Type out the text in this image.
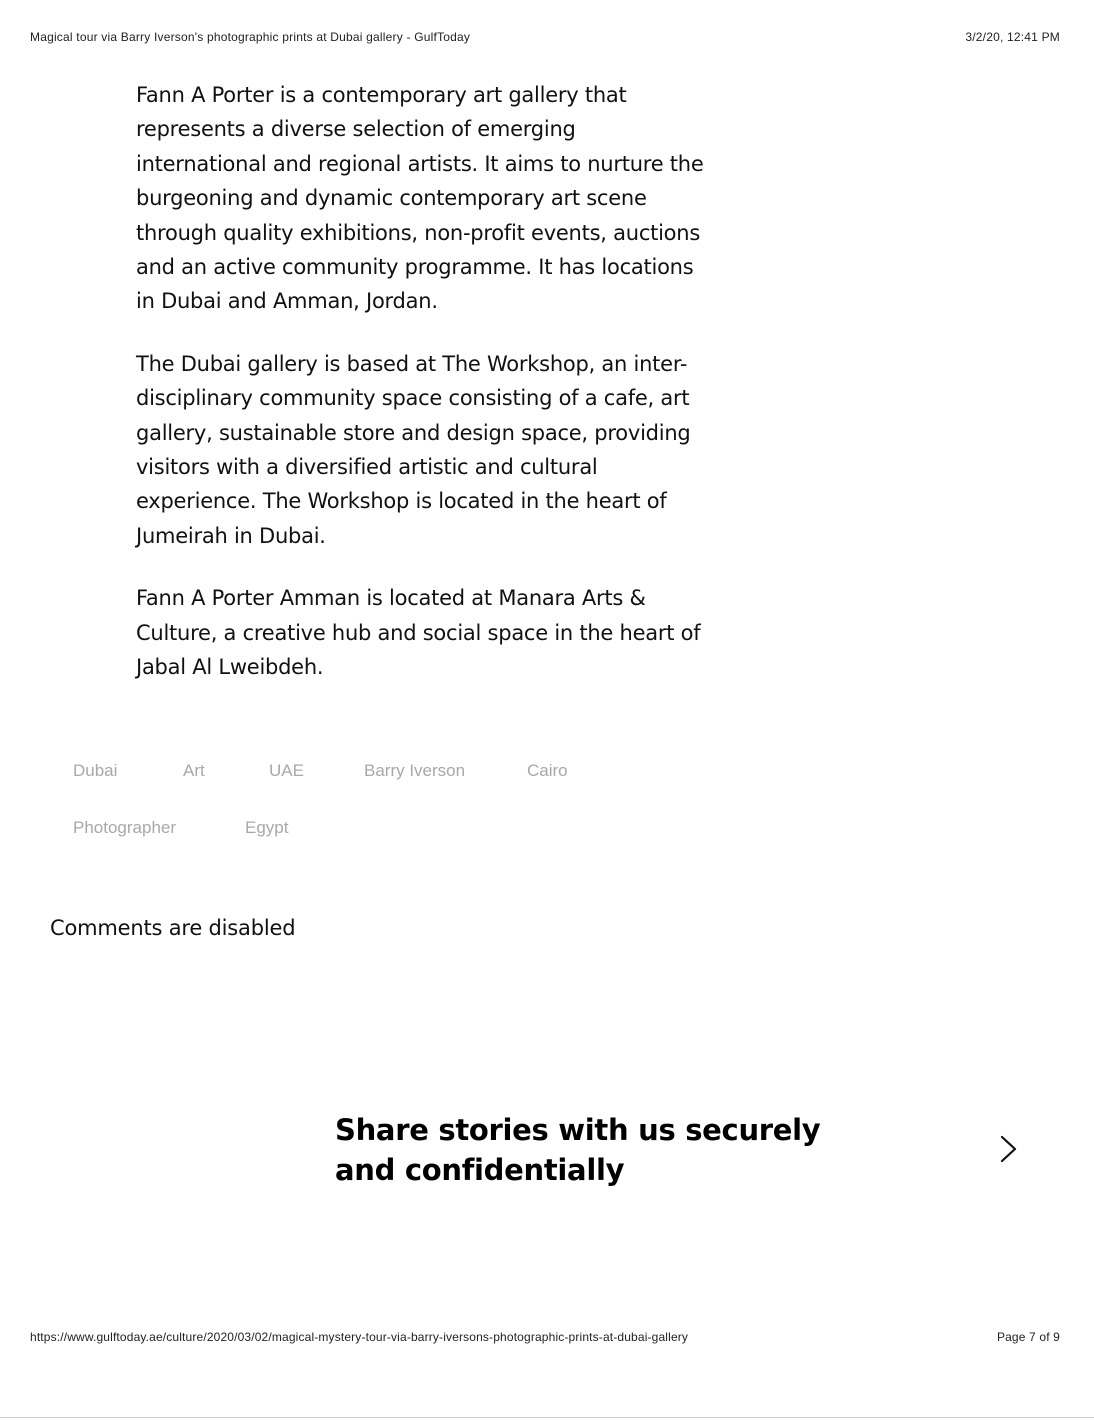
Magical tour via Barry Iverson's photographic prints at Dubai gallery - GulfToday	3/2/20, 12:41 PM

Fann A Porter is a contemporary art gallery that represents a diverse selection of emerging international and regional artists. It aims to nurture the burgeoning and dynamic contemporary art scene through quality exhibitions, non-profit events, auctions and an active community programme. It has locations in Dubai and Amman, Jordan.

The Dubai gallery is based at The Workshop, an inter-disciplinary community space consisting of a cafe, art gallery, sustainable store and design space, providing visitors with a diversified artistic and cultural experience. The Workshop is located in the heart of Jumeirah in Dubai.

Fann A Porter Amman is located at Manara Arts & Culture, a creative hub and social space in the heart of Jabal Al Lweibdeh.

Dubai	Art	UAE	Barry Iverson	Cairo
Photographer	Egypt
Comments are disabled
Share stories with us securely and confidentially
https://www.gulftoday.ae/culture/2020/03/02/magical-mystery-tour-via-barry-iversons-photographic-prints-at-dubai-gallery	Page 7 of 9
